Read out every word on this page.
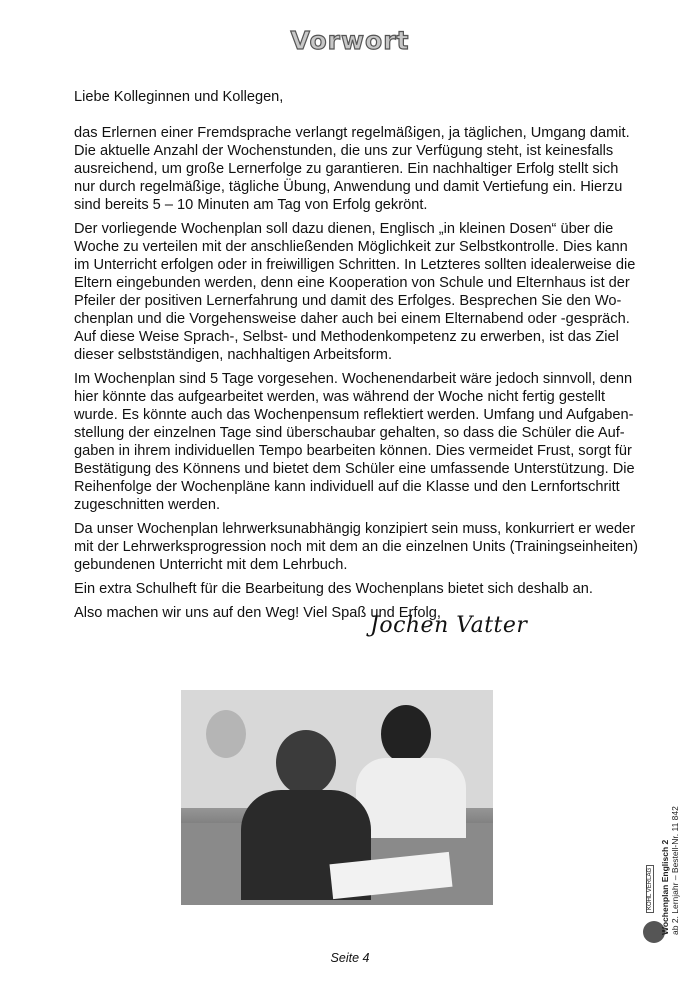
Vorwort
Liebe Kolleginnen und Kollegen,
das Erlernen einer Fremdsprache verlangt regelmäßigen, ja täglichen, Umgang damit.
Die aktuelle Anzahl der Wochenstunden, die uns zur Verfügung steht, ist keinesfalls
ausreichend, um große Lernerfolge zu garantieren. Ein nachhaltiger Erfolg stellt sich
nur durch regelmäßige, tägliche Übung, Anwendung und damit Vertiefung ein. Hierzu
sind bereits 5 – 10 Minuten am Tag von Erfolg gekrönt.
Der vorliegende Wochenplan soll dazu dienen, Englisch „in kleinen Dosen“ über die
Woche zu verteilen mit der anschließenden Möglichkeit zur Selbstkontrolle. Dies kann
im Unterricht erfolgen oder in freiwilligen Schritten. In Letzteres sollten idealerweise die
Eltern eingebunden werden, denn eine Kooperation von Schule und Elternhaus ist der
Pfeiler der positiven Lernerfahrung und damit des Erfolges. Besprechen Sie den Wo-
chenplan und die Vorgehensweise daher auch bei einem Elternabend oder -gespräch.
Auf diese Weise Sprach-, Selbst- und Methodenkompetenz zu erwerben, ist das Ziel
dieser selbstständigen, nachhaltigen Arbeitsform.
Im Wochenplan sind 5 Tage vorgesehen. Wochenendarbeit wäre jedoch sinnvoll, denn
hier könnte das aufgearbeitet werden, was während der Woche nicht fertig gestellt
wurde. Es könnte auch das Wochenpensum reflektiert werden. Umfang und Aufgaben-
stellung der einzelnen Tage sind überschaubar gehalten, so dass die Schüler die Auf-
gaben in ihrem individuellen Tempo bearbeiten können. Dies vermeidet Frust, sorgt für
Bestätigung des Könnens und bietet dem Schüler eine umfassende Unterstützung. Die
Reihenfolge der Wochenpläne kann individuell auf die Klasse und den Lernfortschritt
zugeschnitten werden.
Da unser Wochenplan lehrwerksunabhängig konzipiert sein muss, konkurriert er weder
mit der Lehrwerksprogression noch mit dem an die einzelnen Units (Trainingseinheiten)
gebundenen Unterricht mit dem Lehrbuch.
Ein extra Schulheft für die Bearbeitung des Wochenplans bietet sich deshalb an.
Also machen wir uns auf den Weg! Viel Spaß und Erfolg,
Jochen Vatter
KOHL VERLAG Wochenplan Englisch 2 ab 2. Lernjahr – Bestell-Nr. 11 842
Seite 4
